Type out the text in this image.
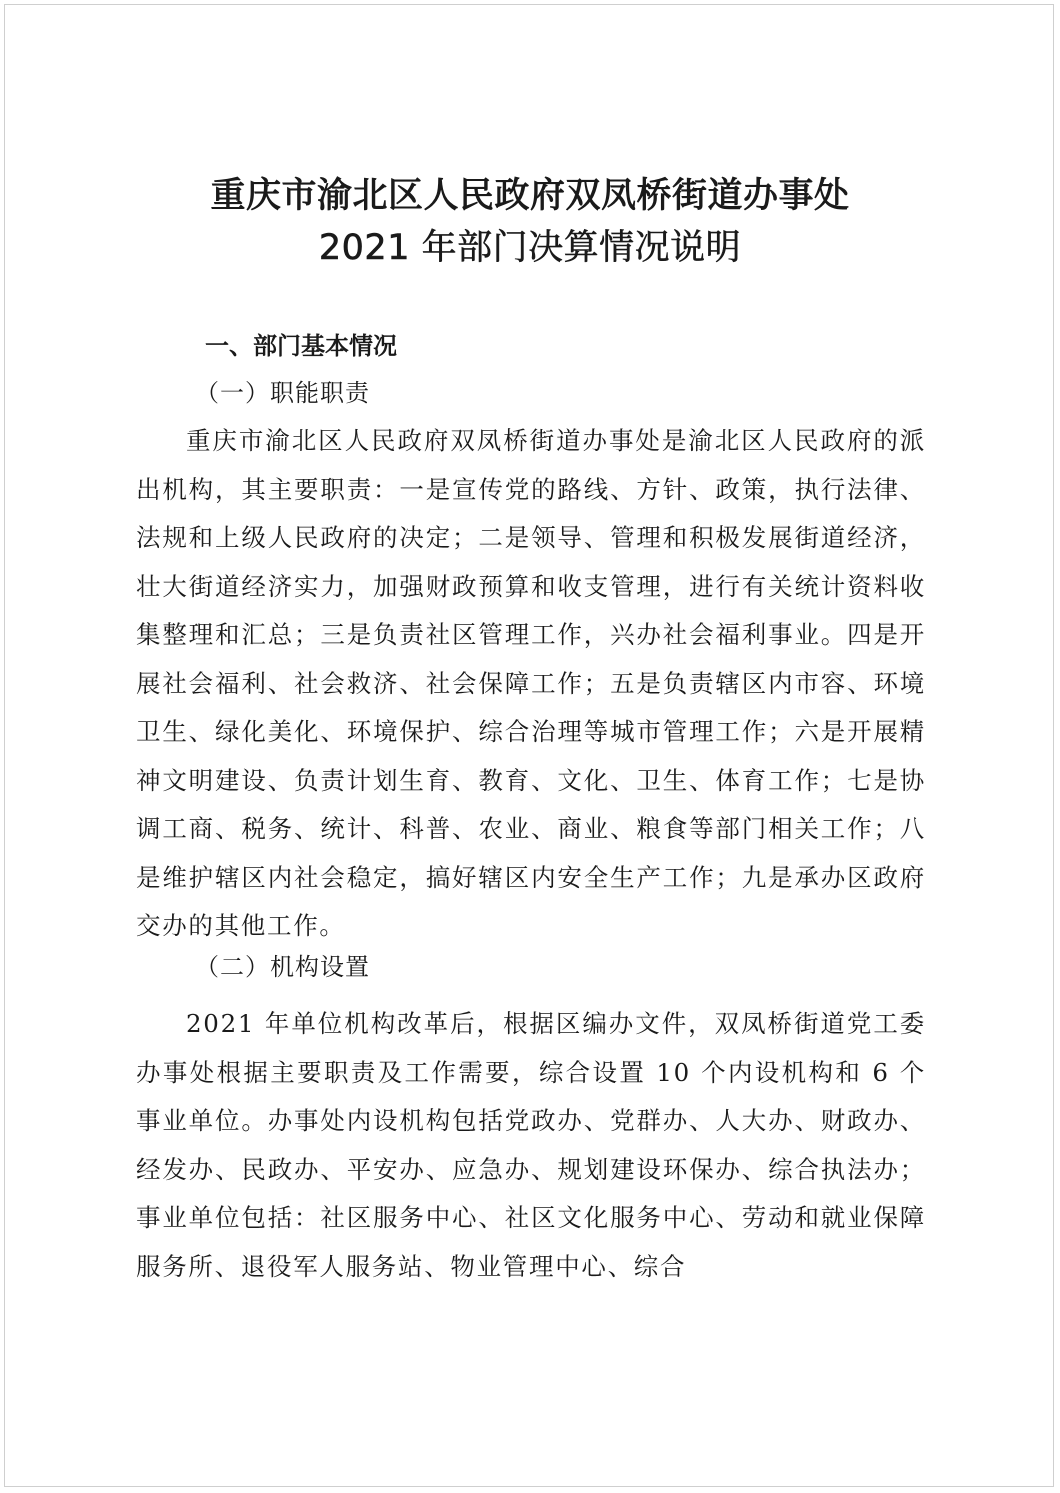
重庆市渝北区人民政府双凤桥街道办事处
2021 年部门决算情况说明
一、部门基本情况
（一）职能职责
重庆市渝北区人民政府双凤桥街道办事处是渝北区人民政府的派出机构，其主要职责：一是宣传党的路线、方针、政策，执行法律、法规和上级人民政府的决定；二是领导、管理和积极发展街道经济，壮大街道经济实力，加强财政预算和收支管理，进行有关统计资料收集整理和汇总；三是负责社区管理工作，兴办社会福利事业。四是开展社会福利、社会救济、社会保障工作；五是负责辖区内市容、环境卫生、绿化美化、环境保护、综合治理等城市管理工作；六是开展精神文明建设、负责计划生育、教育、文化、卫生、体育工作；七是协调工商、税务、统计、科普、农业、商业、粮食等部门相关工作；八是维护辖区内社会稳定，搞好辖区内安全生产工作；九是承办区政府交办的其他工作。
（二）机构设置
2021 年单位机构改革后，根据区编办文件，双凤桥街道党工委办事处根据主要职责及工作需要，综合设置 10 个内设机构和 6 个事业单位。办事处内设机构包括党政办、党群办、人大办、财政办、经发办、民政办、平安办、应急办、规划建设环保办、综合执法办；事业单位包括：社区服务中心、社区文化服务中心、劳动和就业保障服务所、退役军人服务站、物业管理中心、综合
